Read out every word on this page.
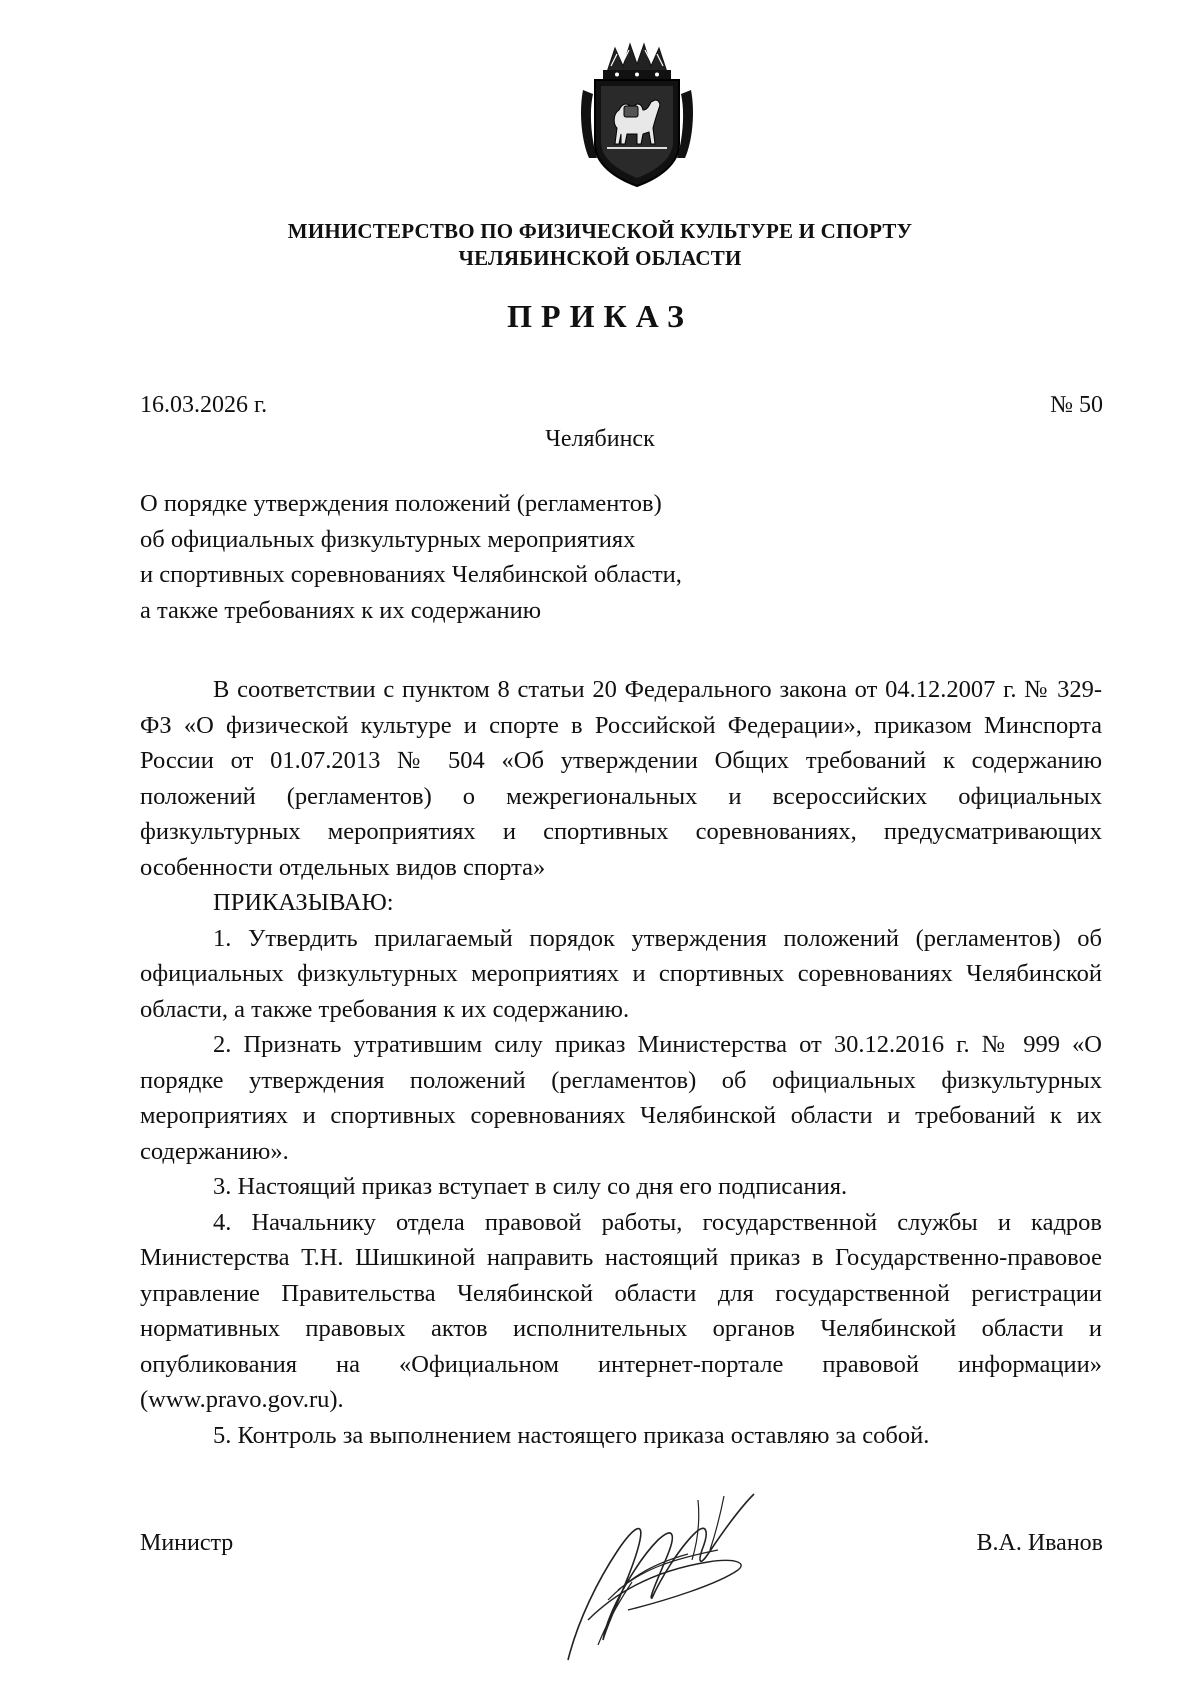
МИНИСТЕРСТВО ПО ФИЗИЧЕСКОЙ КУЛЬТУРЕ И СПОРТУ
ЧЕЛЯБИНСКОЙ ОБЛАСТИ
ПРИКАЗ
16.03.2026 г.	№ 50
Челябинск
О порядке утверждения положений (регламентов)
об официальных физкультурных мероприятиях
и спортивных соревнованиях Челябинской области,
а также требованиях к их содержанию

В соответствии с пунктом 8 статьи 20 Федерального закона от 04.12.2007 г. № 329-ФЗ «О физической культуре и спорте в Российской Федерации», приказом Минспорта России от 01.07.2013 № 504 «Об утверждении Общих требований к содержанию положений (регламентов) о межрегиональных и всероссийских официальных физкультурных мероприятиях и спортивных соревнованиях, предусматривающих особенности отдельных видов спорта»

ПРИКАЗЫВАЮ:

1. Утвердить прилагаемый порядок утверждения положений (регламентов) об официальных физкультурных мероприятиях и спортивных соревнованиях Челябинской области, а также требования к их содержанию.

2. Признать утратившим силу приказ Министерства от 30.12.2016 г. № 999 «О порядке утверждения положений (регламентов) об официальных физкультурных мероприятиях и спортивных соревнованиях Челябинской области и требований к их содержанию».

3. Настоящий приказ вступает в силу со дня его подписания.

4. Начальнику отдела правовой работы, государственной службы и кадров Министерства Т.Н. Шишкиной направить настоящий приказ в Государственно-правовое управление Правительства Челябинской области для государственной регистрации нормативных правовых актов исполнительных органов Челябинской области и опубликования на «Официальном интернет-портале правовой информации» (www.pravo.gov.ru).

5. Контроль за выполнением настоящего приказа оставляю за собой.

Министр	В.А. Иванов
